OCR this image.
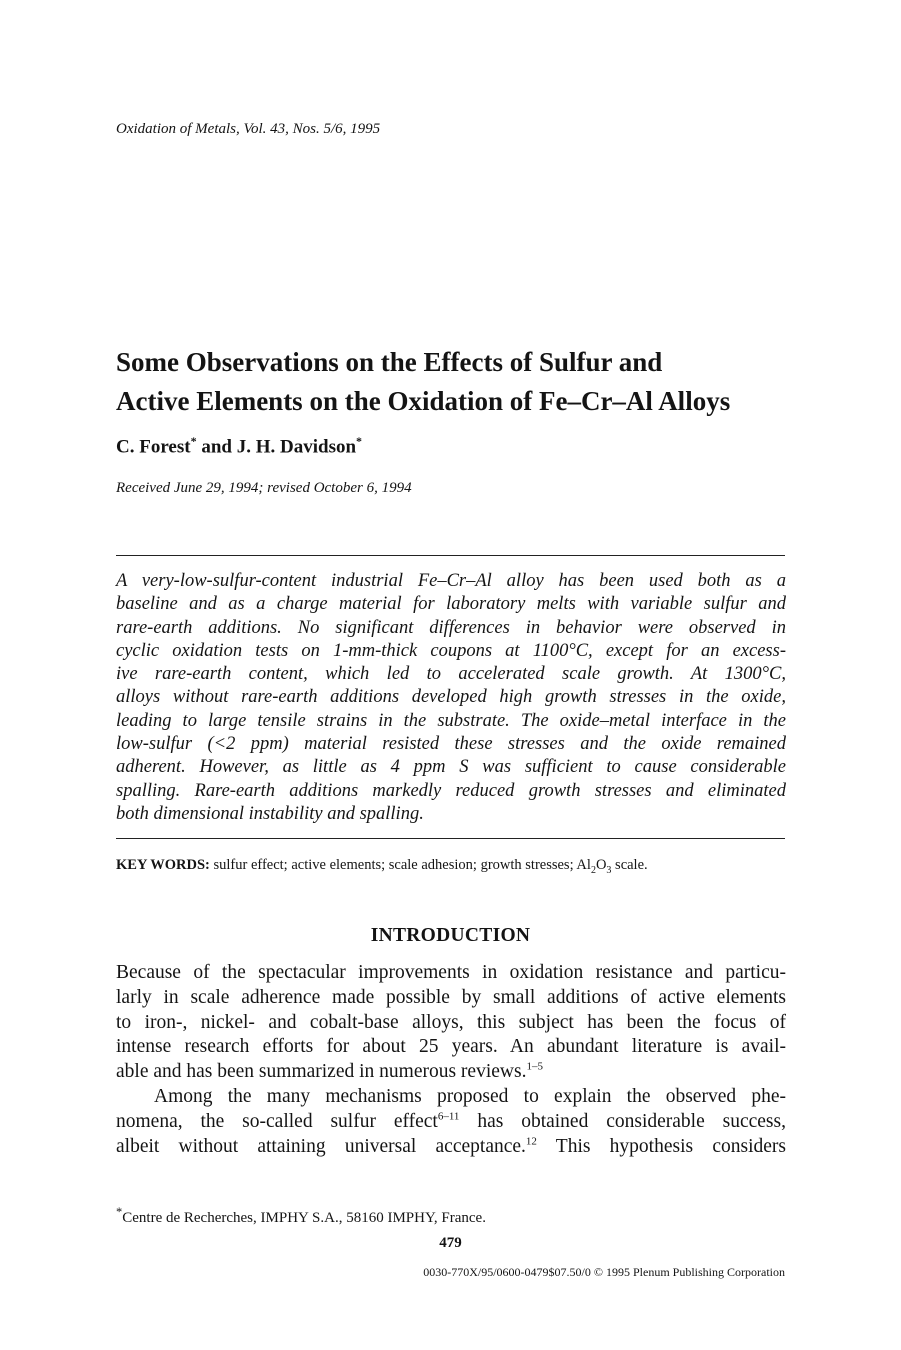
Oxidation of Metals, Vol. 43, Nos. 5/6, 1995
Some Observations on the Effects of Sulfur and
Active Elements on the Oxidation of Fe–Cr–Al Alloys
C. Forest* and J. H. Davidson*
Received June 29, 1994; revised October 6, 1994
A very-low-sulfur-content industrial Fe–Cr–Al alloy has been used both as a
baseline and as a charge material for laboratory melts with variable sulfur and
rare-earth additions. No significant differences in behavior were observed in
cyclic oxidation tests on 1-mm-thick coupons at 1100°C, except for an excess-
ive rare-earth content, which led to accelerated scale growth. At 1300°C,
alloys without rare-earth additions developed high growth stresses in the oxide,
leading to large tensile strains in the substrate. The oxide–metal interface in the
low-sulfur (<2 ppm) material resisted these stresses and the oxide remained
adherent. However, as little as 4 ppm S was sufficient to cause considerable
spalling. Rare-earth additions markedly reduced growth stresses and eliminated
both dimensional instability and spalling.
KEY WORDS: sulfur effect; active elements; scale adhesion; growth stresses; $Al_2O_3$ scale.
INTRODUCTION
Because of the spectacular improvements in oxidation resistance and particu-
larly in scale adherence made possible by small additions of active elements
to iron-, nickel- and cobalt-base alloys, this subject has been the focus of
intense research efforts for about 25 years. An abundant literature is avail-
able and has been summarized in numerous reviews.$^{1-5}$
Among the many mechanisms proposed to explain the observed phe-
nomena, the so-called sulfur effect$^{6-11}$ has obtained considerable success,
albeit without attaining universal acceptance.$^{12}$ This hypothesis considers
*Centre de Recherches, IMPHY S.A., 58160 IMPHY, France.
479
0030-770X/95/0600-0479$07.50/0 © 1995 Plenum Publishing Corporation
